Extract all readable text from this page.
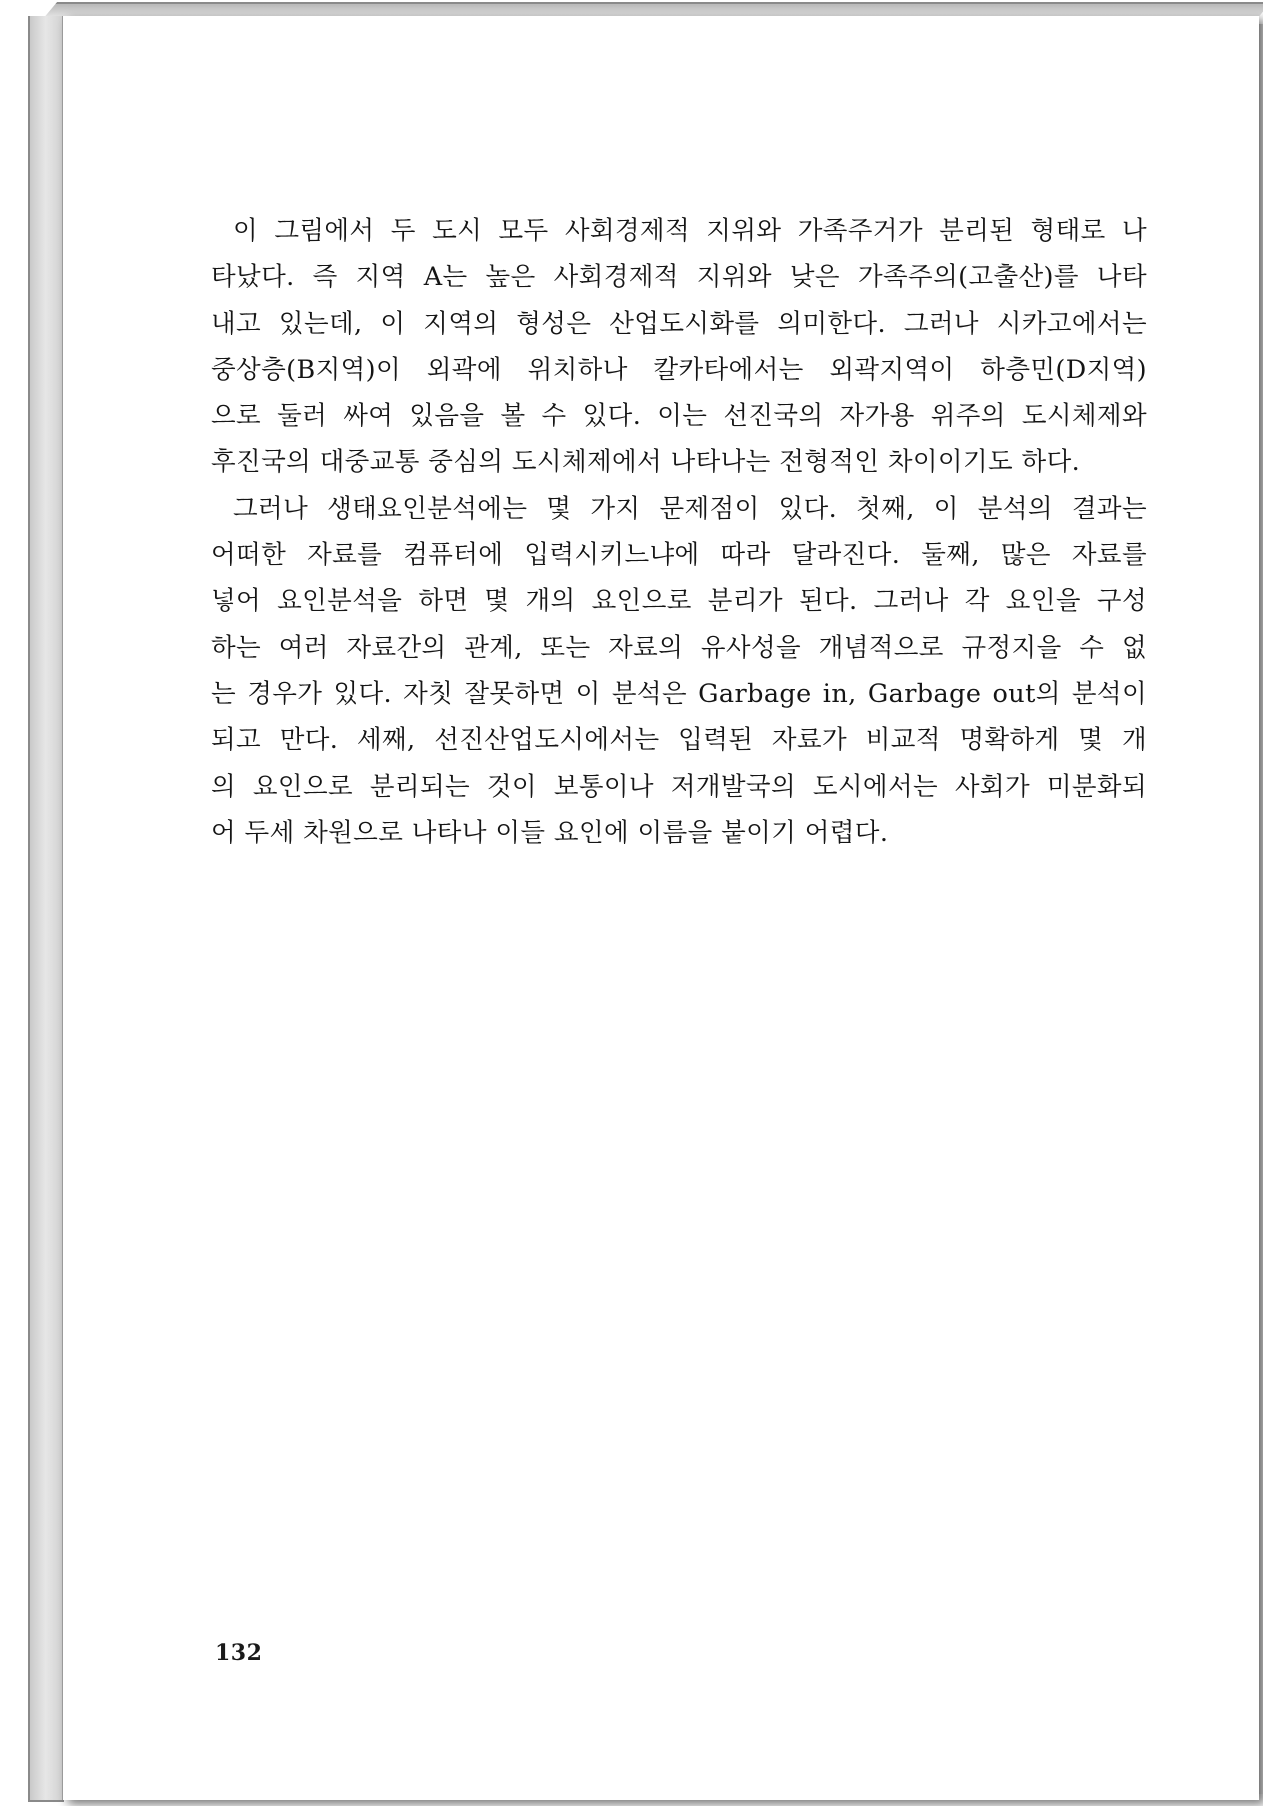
이 그림에서 두 도시 모두 사회경제적 지위와 가족주거가 분리된 형태로 나
타났다. 즉 지역 A는 높은 사회경제적 지위와 낮은 가족주의(고출산)를 나타
내고 있는데, 이 지역의 형성은 산업도시화를 의미한다. 그러나 시카고에서는
중상층(B지역)이 외곽에 위치하나 칼카타에서는 외곽지역이 하층민(D지역)
으로 둘러 싸여 있음을 볼 수 있다. 이는 선진국의 자가용 위주의 도시체제와
후진국의 대중교통 중심의 도시체제에서 나타나는 전형적인 차이이기도 하다.
그러나 생태요인분석에는 몇 가지 문제점이 있다. 첫째, 이 분석의 결과는
어떠한 자료를 컴퓨터에 입력시키느냐에 따라 달라진다. 둘째, 많은 자료를
넣어 요인분석을 하면 몇 개의 요인으로 분리가 된다. 그러나 각 요인을 구성
하는 여러 자료간의 관계, 또는 자료의 유사성을 개념적으로 규정지을 수 없
는 경우가 있다. 자칫 잘못하면 이 분석은 Garbage in, Garbage out의 분석이
되고 만다. 세째, 선진산업도시에서는 입력된 자료가 비교적 명확하게 몇 개
의 요인으로 분리되는 것이 보통이나 저개발국의 도시에서는 사회가 미분화되
어 두세 차원으로 나타나 이들 요인에 이름을 붙이기 어렵다.
132
